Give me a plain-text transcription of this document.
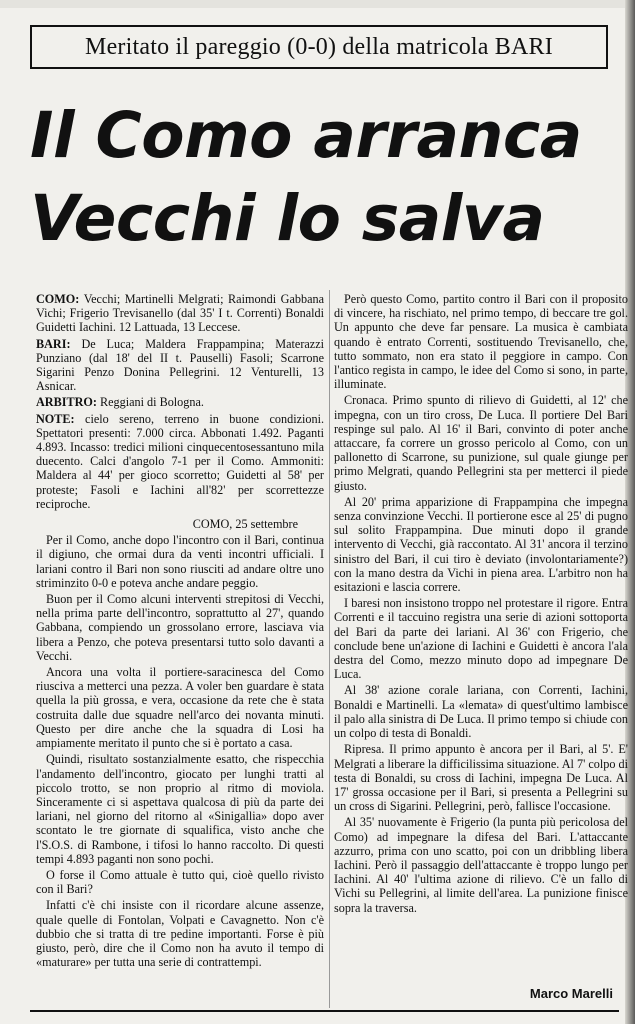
Meritato il pareggio (0-0) della matricola BARI
Il Como arranca
Vecchi lo salva

COMO: Vecchi; Martinelli Melgrati; Raimondi Gabbana Vichi; Frigerio Trevisanello (dal 35' I t. Correnti) Bonaldi Guidetti Iachini. 12 Lattuada, 13 Leccese.

BARI: De Luca; Maldera Frappampina; Materazzi Punziano (dal 18' del II t. Pauselli) Fasoli; Scarrone Sigarini Penzo Donina Pellegrini. 12 Venturelli, 13 Asnicar.

ARBITRO: Reggiani di Bologna.

NOTE: cielo sereno, terreno in buone condizioni. Spettatori presenti: 7.000 circa. Abbonati 1.492. Paganti 4.893. Incasso: tredici milioni cinquecentosessantuno mila duecento. Calci d'angolo 7-1 per il Como. Ammoniti: Maldera al 44' per gioco scorretto; Guidetti al 58' per proteste; Fasoli e Iachini all'82' per scorrettezze reciproche.

COMO, 25 settembre

Per il Como, anche dopo l'incontro con il Bari, continua il digiuno, che ormai dura da venti incontri ufficiali. I lariani contro il Bari non sono riusciti ad andare oltre uno striminzito 0-0 e poteva anche andare peggio.

Buon per il Como alcuni interventi strepitosi di Vecchi, nella prima parte dell'incontro, soprattutto al 27', quando Gabbana, compiendo un grossolano errore, lasciava via libera a Penzo, che poteva presentarsi tutto solo davanti a Vecchi.

Ancora una volta il portiere-saracinesca del Como riusciva a metterci una pezza. A voler ben guardare è stata quella la più grossa, e vera, occasione da rete che è stata costruita dalle due squadre nell'arco dei novanta minuti. Questo per dire anche che la squadra di Losi ha ampiamente meritato il punto che si è portato a casa.

Quindi, risultato sostanzialmente esatto, che rispecchia l'andamento dell'incontro, giocato per lunghi tratti al piccolo trotto, se non proprio al ritmo di moviola. Sinceramente ci si aspettava qualcosa di più da parte dei lariani, nel giorno del ritorno al «Sinigallia» dopo aver scontato le tre giornate di squalifica, visto anche che l'S.O.S. di Rambone, i tifosi lo hanno raccolto. Di questi tempi 4.893 paganti non sono pochi.

O forse il Como attuale è tutto qui, cioè quello rivisto con il Bari?

Infatti c'è chi insiste con il ricordare alcune assenze, quale quelle di Fontolan, Volpati e Cavagnetto. Non c'è dubbio che si tratta di tre pedine importanti. Forse è più giusto, però, dire che il Como non ha avuto il tempo di «maturare» per tutta una serie di contrattempi.

Però questo Como, partito contro il Bari con il proposito di vincere, ha rischiato, nel primo tempo, di beccare tre gol. Un appunto che deve far pensare. La musica è cambiata quando è entrato Correnti, sostituendo Trevisanello, che, tutto sommato, non era stato il peggiore in campo. Con l'antico regista in campo, le idee del Como si sono, in parte, illuminate.

Cronaca. Primo spunto di rilievo di Guidetti, al 12' che impegna, con un tiro cross, De Luca. Il portiere Del Bari respinge sul palo. Al 16' il Bari, convinto di poter anche attaccare, fa correre un grosso pericolo al Como, con un pallonetto di Scarrone, su punizione, sul quale giunge per primo Melgrati, quando Pellegrini sta per metterci il piede giusto.

Al 20' prima apparizione di Frappampina che impegna senza convinzione Vecchi. Il portierone esce al 25' di pugno sul solito Frappampina. Due minuti dopo il grande intervento di Vecchi, già raccontato. Al 31' ancora il terzino sinistro del Bari, il cui tiro è deviato (involontariamente?) con la mano destra da Vichi in piena area. L'arbitro non ha esitazioni e lascia correre.

I baresi non insistono troppo nel protestare il rigore. Entra Correnti e il taccuino registra una serie di azioni sottoporta del Bari da parte dei lariani. Al 36' con Frigerio, che conclude bene un'azione di Iachini e Guidetti è ancora l'ala destra del Como, mezzo minuto dopo ad impegnare De Luca.

Al 38' azione corale lariana, con Correnti, Iachini, Bonaldi e Martinelli. La «lemata» di quest'ultimo lambisce il palo alla sinistra di De Luca. Il primo tempo si chiude con un colpo di testa di Bonaldi.

Ripresa. Il primo appunto è ancora per il Bari, al 5'. E' Melgrati a liberare la difficilissima situazione. Al 7' colpo di testa di Bonaldi, su cross di Iachini, impegna De Luca. Al 17' grossa occasione per il Bari, si presenta a Pellegrini su un cross di Sigarini. Pellegrini, però, fallisce l'occasione.

Al 35' nuovamente è Frigerio (la punta più pericolosa del Como) ad impegnare la difesa del Bari. L'attaccante azzurro, prima con uno scatto, poi con un dribbling libera Iachini. Però il passaggio dell'attaccante è troppo lungo per Iachini. Al 40' l'ultima azione di rilievo. C'è un fallo di Vichi su Pellegrini, al limite dell'area. La punizione finisce sopra la traversa.

Marco Marelli
